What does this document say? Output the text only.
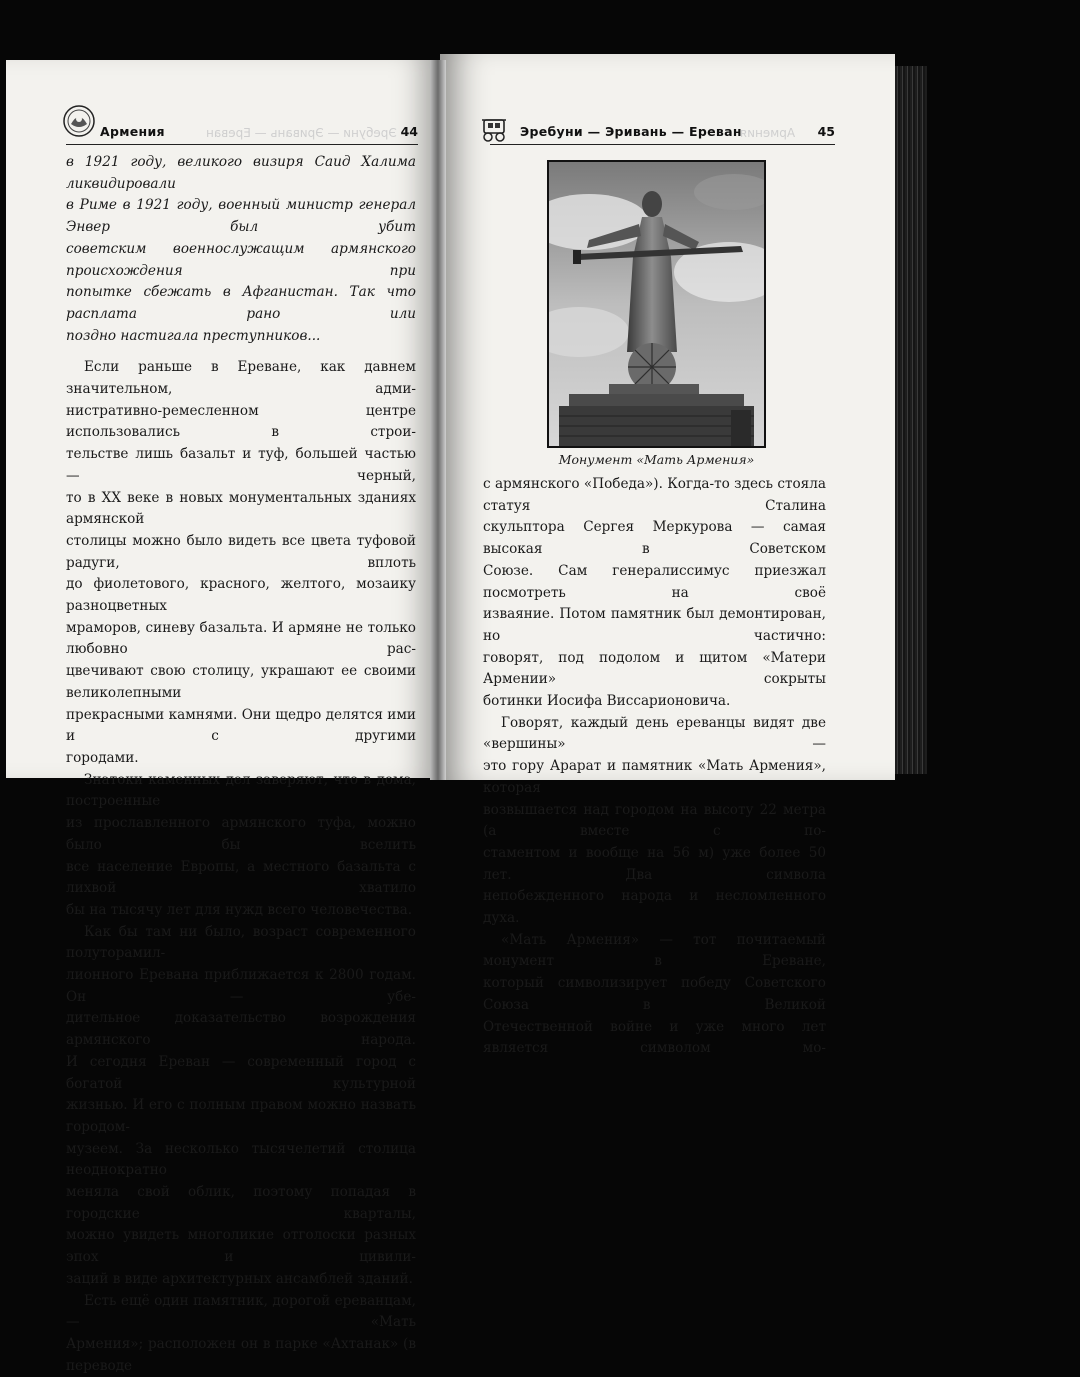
Армения	Эребуни — Эривань — Ереван 44	Эребуни — Эривань — Ереван
Армения 45

в 1921 году, великого визиря Саид Халима ликвидировали

в Риме в 1921 году, военный министр генерал Энвер был убит

советским военнослужащим армянского происхождения при

попытке сбежать в Афганистан. Так что расплата рано или

поздно настигала преступников...

Если раньше в Ереване, как давнем значительном, адми-

нистративно-ремесленном центре использовались в строи-

тельстве лишь базальт и туф, большей частью — черный,

то в XX веке в новых монументальных зданиях армянской

столицы можно было видеть все цвета туфовой радуги, вплоть

до фиолетового, красного, желтого, мозаику разноцветных

мраморов, синеву базальта. И армяне не только любовно рас-

цвечивают свою столицу, украшают ее своими великолепными

прекрасными камнями. Они щедро делятся ими и с другими

городами.

Знатоки каменных дел заверяют, что в дома, построенные

из прославленного армянского туфа, можно было бы вселить

все население Европы, а местного базальта с лихвой хватило

бы на тысячу лет для нужд всего человечества.

Как бы там ни было, возраст современного полуторамил-

лионного Еревана приближается к 2800 годам. Он — убе-

дительное доказательство возрождения армянского народа.

И сегодня Ереван — современный город с богатой культурной

жизнью. И его с полным правом можно назвать городом-

музеем. За несколько тысячелетий столица неоднократно

меняла свой облик, поэтому попадая в городские кварталы,

можно увидеть многоликие отголоски разных эпох и цивили-

заций в виде архитектурных ансамблей зданий.

Есть ещё один памятник, дорогой ереванцам, — «Мать

Армения»; расположен он в парке «Ахтанак» (в переводе

Монумент «Мать Армения»

с армянского «Победа»). Когда-то здесь стояла статуя Сталина

скульптора Сергея Меркурова — самая высокая в Советском

Союзе. Сам генералиссимус приезжал посмотреть на своё

изваяние. Потом памятник был демонтирован, но частично:

говорят, под подолом и щитом «Матери Армении» сокрыты

ботинки Иосифа Виссарионовича.

Говорят, каждый день ереванцы видят две «вершины» —

это гору Арарат и памятник «Мать Армения», которая

возвышается над городом на высоту 22 метра (а вместе с по-

стаментом и вообще на 56 м) уже более 50 лет. Два символа

непобежденного народа и несломленного духа.

«Мать Армения» — тот почитаемый монумент в Ереване,

который символизирует победу Советского Союза в Великой

Отечественной войне и уже много лет является символом мо-
